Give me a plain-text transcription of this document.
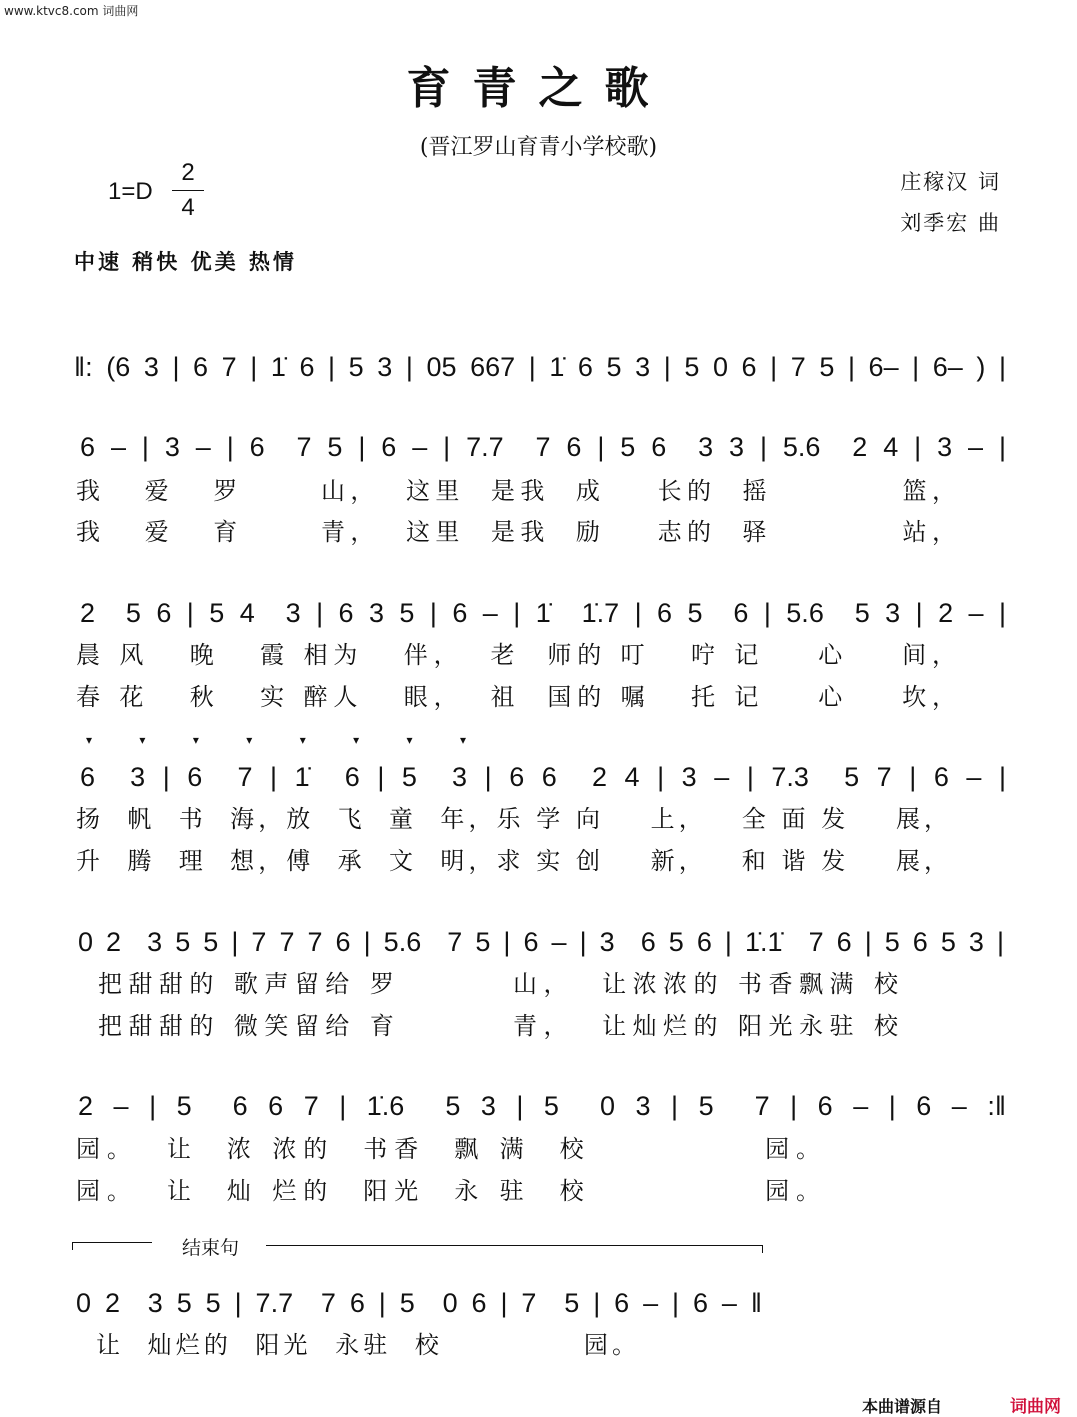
www.ktvc8.com 词曲网
育青之歌
(晋江罗山育青小学校歌)
1=D
2
4
庄稼汉 词
刘季宏 曲
中速 稍快 优美 热情
‖: (6 3 | 6 7 | 1̇ 6 | 5 3 | 05 667 | 1̇ 6 5 3 | 5 0 6 | 7 5 | 6– | 6– ) |
6 – | 3 – | 6  7 5 | 6 – | 7.7  7 6 | 5 6  3 3 | 5.6  2 4 | 3 – |
我   爱   罗      山，  这里  是我  成    长的  摇          篮，
我   爱   育      青，  这里  是我  励    志的  驿          站，
2  5 6 | 5 4  3 | 6 3 5 | 6 – | 1̇  1̇.7 | 6 5  6 | 5.6  5 3 | 2 – |
晨 风   晚   霞 相为   伴，  老  师的 叮   咛 记    心    间，
春 花   秋   实 醉人   眼，  祖  国的 嘱   托 记    心    坎，
▾ ▾ ▾ ▾ ▾ ▾ ▾ ▾
6  3 | 6  7 | 1̇  6 | 5  3 | 6 6  2 4 | 3 – | 7.3  5 7 | 6 – |
扬  帆  书  海，放  飞  童  年，乐 学 向    上，   全 面 发    展，
升  腾  理  想，傅  承  文  明，求 实 创    新，   和 谐 发    展，
0 2  3 5 5 | 7 7 7 6 | 5.6  7 5 | 6 – | 3  6 5 6 | 1̇.1̇  7 6 | 5 6 5 3 |
把甜甜的 歌声留给 罗        山，  让浓浓的 书香飘满 校
把甜甜的 微笑留给 育        青，  让灿烂的 阳光永驻 校
2 – | 5  6 6 7 | 1̇.6  5 3 | 5  0 3 | 5  7 | 6 – | 6 – :‖
园。  让  浓 浓的  书香  飘 满  校            园。
园。  让  灿 烂的  阳光  永 驻  校            园。
结束句
0 2  3 5 5 | 7.7  7 6 | 5  0 6 | 7  5 | 6 – | 6 – ‖
让  灿烂的  阳光  永驻  校            园。
本曲谱源自	词曲网
